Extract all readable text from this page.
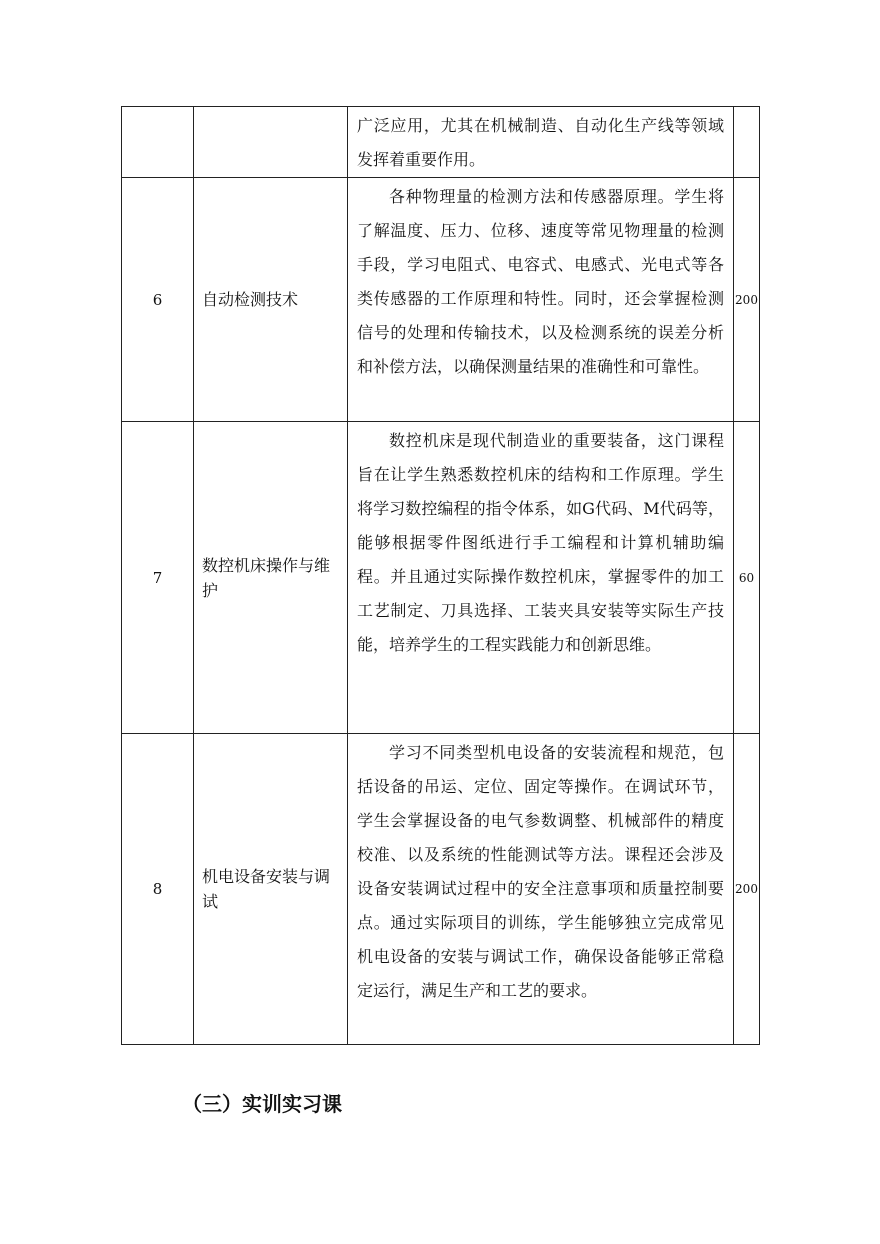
		广泛应用，尤其在机械制造、自动化生产线等领域发挥着重要作用。	

6	自动检测技术	各种物理量的检测方法和传感器原理。学生将了解温度、压力、位移、速度等常见物理量的检测手段，学习电阻式、电容式、电感式、光电式等各类传感器的工作原理和特性。同时，还会掌握检测信号的处理和传输技术，以及检测系统的误差分析和补偿方法，以确保测量结果的准确性和可靠性。	200
7	数控机床操作与维护	数控机床是现代制造业的重要装备，这门课程旨在让学生熟悉数控机床的结构和工作原理。学生将学习数控编程的指令体系，如G代码、M代码等，能够根据零件图纸进行手工编程和计算机辅助编程。并且通过实际操作数控机床，掌握零件的加工工艺制定、刀具选择、工装夹具安装等实际生产技能，培养学生的工程实践能力和创新思维。	60
8	机电设备安装与调试	学习不同类型机电设备的安装流程和规范，包括设备的吊运、定位、固定等操作。在调试环节，学生会掌握设备的电气参数调整、机械部件的精度校准、以及系统的性能测试等方法。课程还会涉及设备安装调试过程中的安全注意事项和质量控制要点。通过实际项目的训练，学生能够独立完成常见机电设备的安装与调试工作，确保设备能够正常稳定运行，满足生产和工艺的要求。	200
（三）实训实习课
